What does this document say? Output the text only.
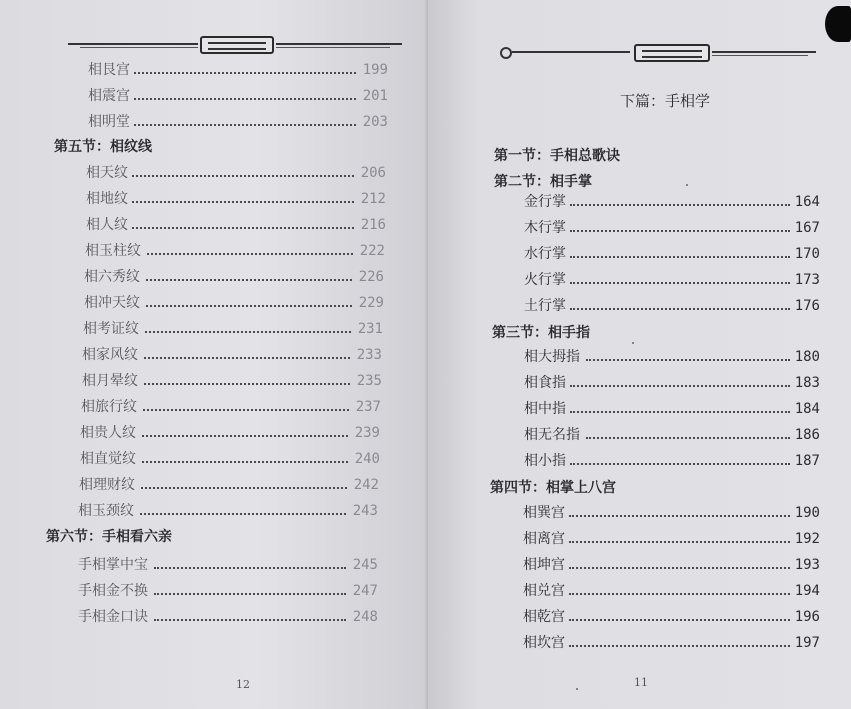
相艮宫	199
相震宫	201
相明堂	203
第五节：相纹线
相天纹	206
相地纹	212
相人纹	216
相玉柱纹	222
相六秀纹	226
相冲天纹	229
相考证纹	231
相家风纹	233
相月晕纹	235
相旅行纹	237
相贵人纹	239
相直觉纹	240
相理财纹	242
相玉颈纹	243
第六节：手相看六亲
手相掌中宝	245
手相金不换	247
手相金口诀	248
12
下篇：手相学
第一节：手相总歌诀
第二节：相手掌
金行掌	164
木行掌	167
水行掌	170
火行掌	173
土行掌	176
第三节：相手指
相大拇指	180
相食指	183
相中指	184
相无名指	186
相小指	187
第四节：相掌上八宫
相巽宫	190
相离宫	192
相坤宫	193
相兑宫	194
相乾宫	196
相坎宫	197
11
